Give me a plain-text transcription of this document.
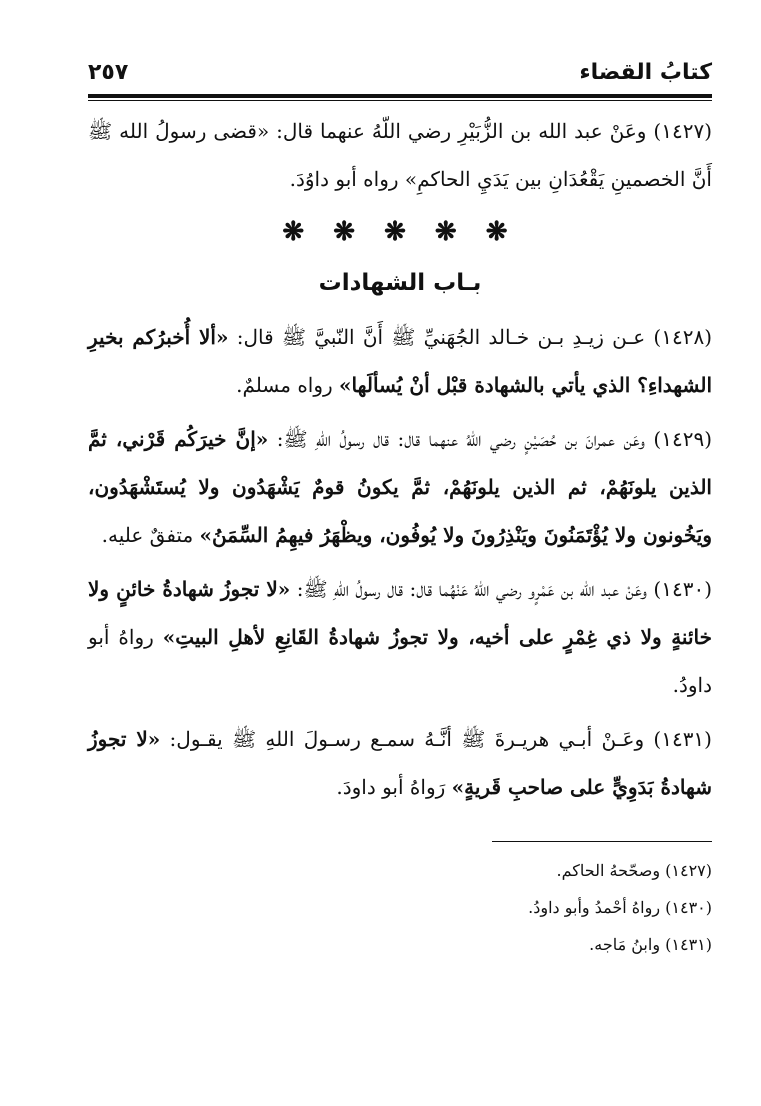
كتابُ القضاء
٢٥٧

(١٤٢٧) وعَنْ عبد الله بن الزُّبَيْرِ رضي اللّهُ عنهما قال: «قضى رسولُ الله ﷺ أَنَّ الخصمينِ يَقْعُدَانِ بين يَدَيِ الحاكمِ» رواه أبو داوُدَ.

❋ ❋ ❋ ❋ ❋
بـاب الشهادات

(١٤٢٨) عـن زيـدِ بـن خـالد الجُهَنيِّ ﷺ أَنَّ النّبيَّ ﷺ قال: «ألا أُخبرُكم بخيرِ الشهداءِ؟ الذي يأتي بالشهادة قبْل أنْ يُسألَها» رواه مسلمٌ.

(١٤٢٩) وعَن عمرانَ بن حُصَيْنٍ رضي اللّهُ عنهما قال: قال رسولُ اللهِ ﷺ: «إنَّ خيرَكُم قَرْني، ثمَّ الذين يلونَهُمْ، ثم الذين يلونَهُمْ، ثمَّ يكونُ قومٌ يَشْهَدُون ولا يُستَشْهَدُون، ويَخُونون ولا يُؤْتَمَنُونَ ويَنْذِرُونَ ولا يُوفُون، ويظْهَرُ فيهِمُ السِّمَنُ» متفقٌ عليه.

(١٤٣٠) وعَنْ عبد الله بن عَمْرٍو رضي اللّهُ عَنْهُما قال: قال رسولُ اللهِ ﷺ: «لا تجوزُ شهادةُ خائنٍ ولا خائنةٍ ولا ذي غِمْرٍ على أخيه، ولا تجوزُ شهادةُ القَانِعِ لأهلِ البيتِ» رواهُ أبو داودُ.

(١٤٣١) وعَـنْ أبـي هريـرةَ ﷺ أنَّـهُ سمـع رسـولَ اللهِ ﷺ يقـول: «لا تجوزُ شهادةُ بَدَوِيٍّ على صاحبِ قَريةٍ» رَواهُ أبو داودَ.

(١٤٢٧) وصحّحهُ الحاكم.
(١٤٣٠) رواهُ أحْمدُ وأبو داودُ.
(١٤٣١) وابنُ مَاجه.
